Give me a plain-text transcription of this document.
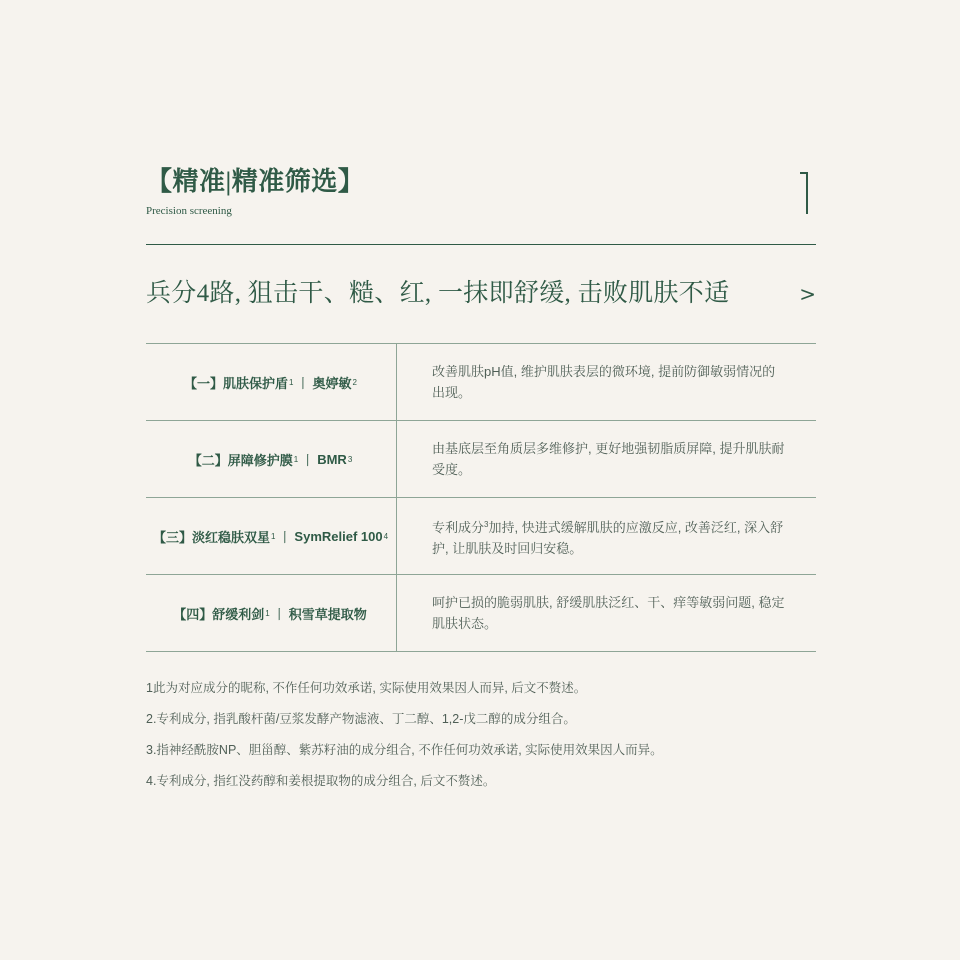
【精准|精准筛选】
Precision screening
兵分4路, 狙击干、糙、红, 一抹即舒缓, 击败肌肤不适	>
【一】肌肤保护盾 1 丨 奥婷敏 2
改善肌肤pH值, 维护肌肤表层的微环境, 提前防御敏弱情况的出现。
【二】屏障修护膜 1 丨 BMR 3
由基底层至角质层多维修护, 更好地强韧脂质屏障, 提升肌肤耐受度。
【三】淡红稳肤双星 1 丨 SymRelief 100 4
专利成分$^3$加持, 快进式缓解肌肤的应激反应, 改善泛红, 深入舒护, 让肌肤及时回归安稳。
【四】舒缓利剑 1 丨 积雪草提取物
呵护已损的脆弱肌肤, 舒缓肌肤泛红、干、痒等敏弱问题, 稳定肌肤状态。
1此为对应成分的昵称, 不作任何功效承诺, 实际使用效果因人而异, 后文不赘述。
2.专利成分, 指乳酸杆菌/豆浆发酵产物滤液、丁二醇、1,2-戊二醇的成分组合。
3.指神经酰胺NP、胆甾醇、紫苏籽油的成分组合, 不作任何功效承诺, 实际使用效果因人而异。
4.专利成分, 指红没药醇和姜根提取物的成分组合, 后文不赘述。
